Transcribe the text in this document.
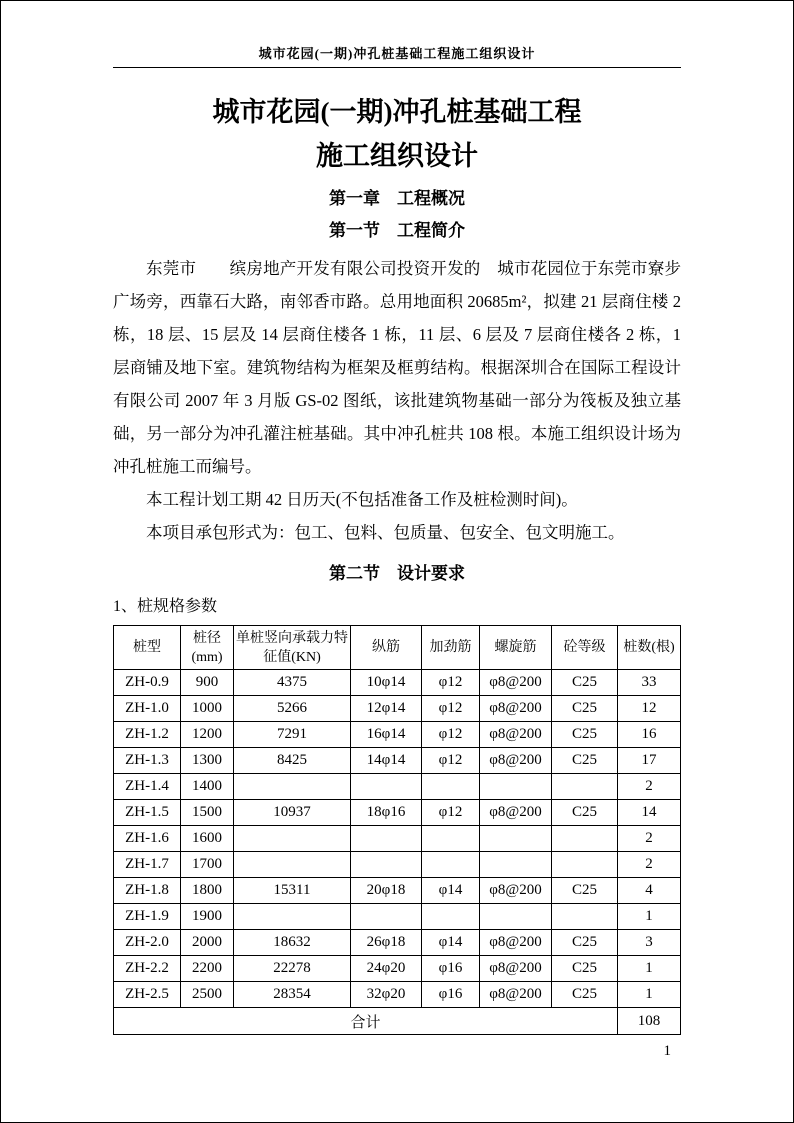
城市花园(一期)冲孔桩基础工程施工组织设计
城市花园(一期)冲孔桩基础工程
施工组织设计
第一章　工程概况
第一节　工程简介

东莞市　　缤房地产开发有限公司投资开发的　城市花园位于东莞市寮步广场旁，西靠石大路，南邻香市路。总用地面积 20685m²，拟建 21 层商住楼 2 栋，18 层、15 层及 14 层商住楼各 1 栋，11 层、6 层及 7 层商住楼各 2 栋，1 层商铺及地下室。建筑物结构为框架及框剪结构。根据深圳合在国际工程设计有限公司 2007 年 3 月版 GS-02 图纸，该批建筑物基础一部分为筏板及独立基础，另一部分为冲孔灌注桩基础。其中冲孔桩共 108 根。本施工组织设计场为冲孔桩施工而编号。

本工程计划工期 42 日历天(不包括准备工作及桩检测时间)。

本项目承包形式为：包工、包料、包质量、包安全、包文明施工。

第二节　设计要求

1、桩规格参数

桩型	桩径(mm)	单桩竖向承载力特征值(KN)	纵筋	加劲筋	螺旋筋	砼等级	桩数(根)
ZH-0.9	900	4375	10φ14	φ12	φ8@200	C25	33
ZH-1.0	1000	5266	12φ14	φ12	φ8@200	C25	12
ZH-1.2	1200	7291	16φ14	φ12	φ8@200	C25	16
ZH-1.3	1300	8425	14φ14	φ12	φ8@200	C25	17
ZH-1.4	1400						2
ZH-1.5	1500	10937	18φ16	φ12	φ8@200	C25	14
ZH-1.6	1600						2
ZH-1.7	1700						2
ZH-1.8	1800	15311	20φ18	φ14	φ8@200	C25	4
ZH-1.9	1900						1
ZH-2.0	2000	18632	26φ18	φ14	φ8@200	C25	3
ZH-2.2	2200	22278	24φ20	φ16	φ8@200	C25	1
ZH-2.5	2500	28354	32φ20	φ16	φ8@200	C25	1
合计							108
1
